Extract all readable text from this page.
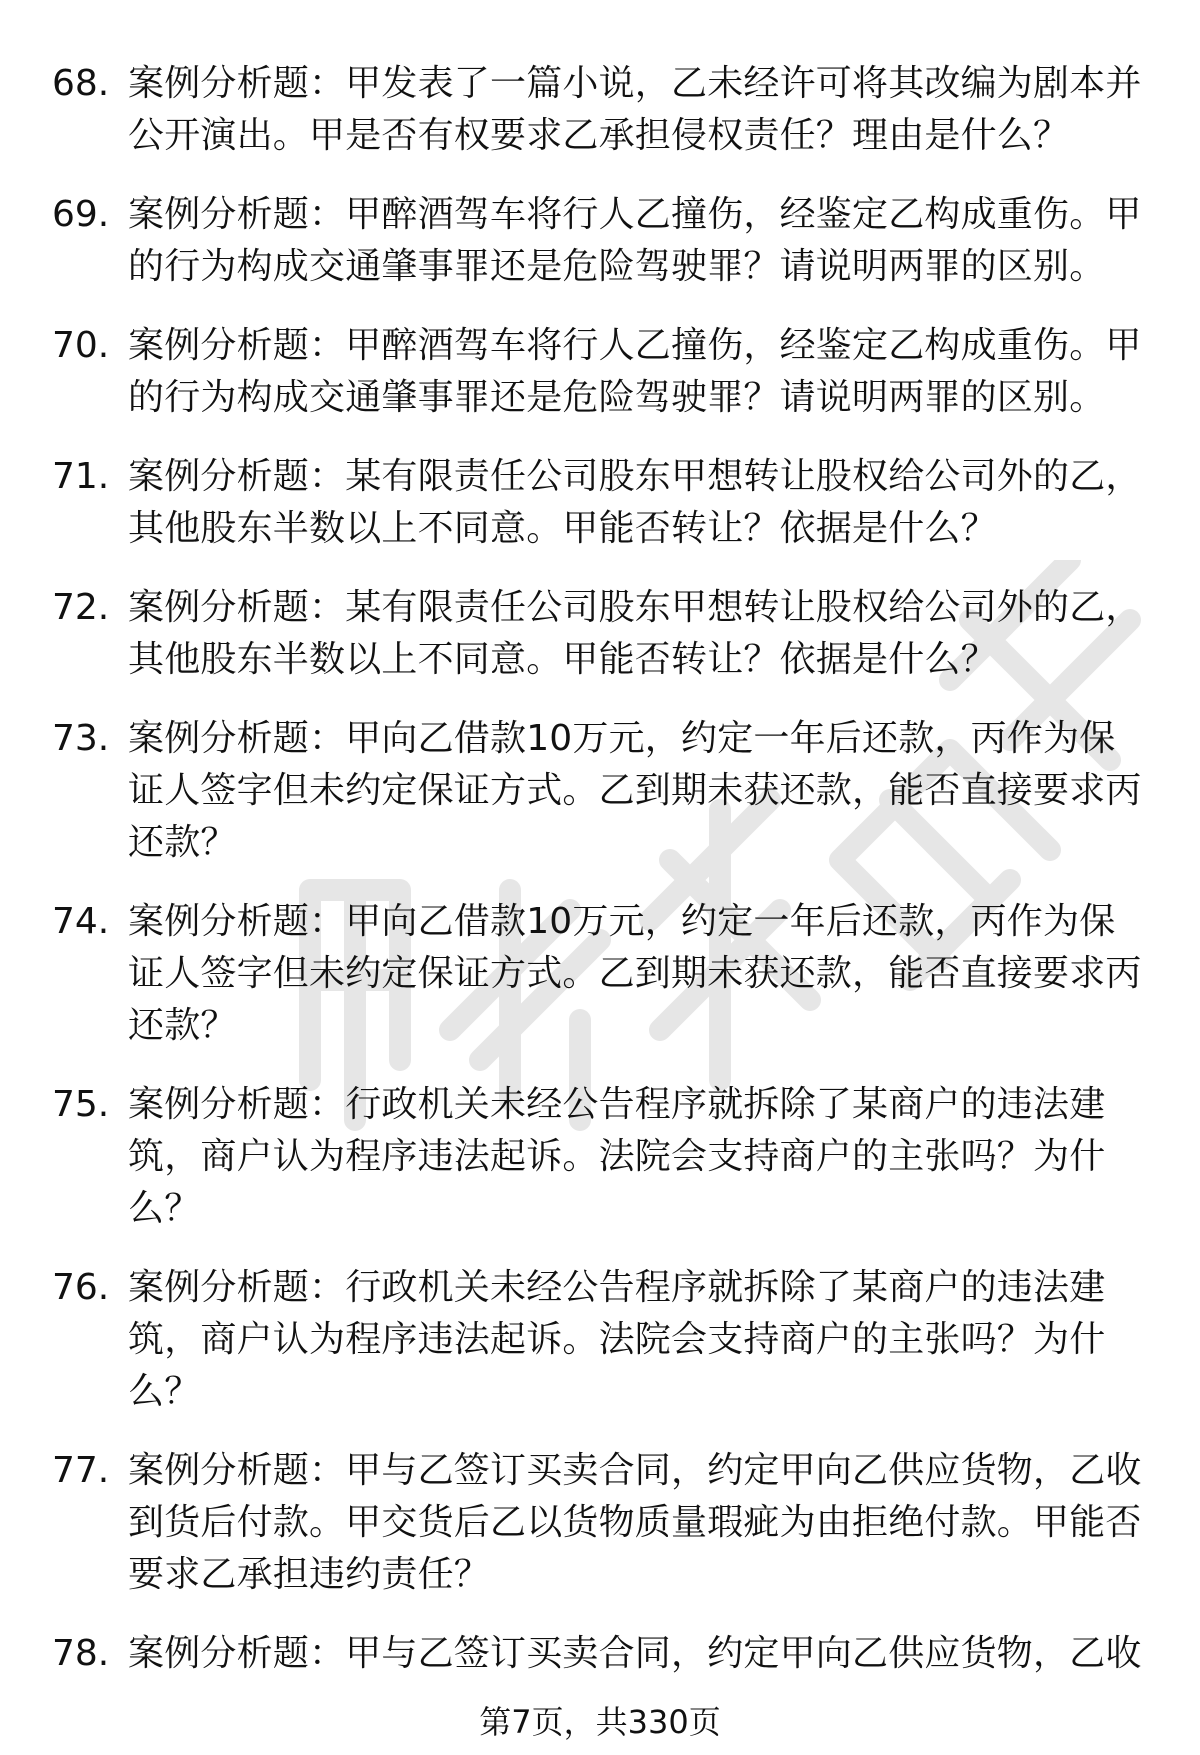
68. 案例分析题：甲发表了一篇小说，乙未经许可将其改编为剧本并公开演出。甲是否有权要求乙承担侵权责任？理由是什么？
69. 案例分析题：甲醉酒驾车将行人乙撞伤，经鉴定乙构成重伤。甲的行为构成交通肇事罪还是危险驾驶罪？请说明两罪的区别。
70. 案例分析题：甲醉酒驾车将行人乙撞伤，经鉴定乙构成重伤。甲的行为构成交通肇事罪还是危险驾驶罪？请说明两罪的区别。
71. 案例分析题：某有限责任公司股东甲想转让股权给公司外的乙，其他股东半数以上不同意。甲能否转让？依据是什么？
72. 案例分析题：某有限责任公司股东甲想转让股权给公司外的乙，其他股东半数以上不同意。甲能否转让？依据是什么？
73. 案例分析题：甲向乙借款10万元，约定一年后还款，丙作为保证人签字但未约定保证方式。乙到期未获还款，能否直接要求丙还款？
74. 案例分析题：甲向乙借款10万元，约定一年后还款，丙作为保证人签字但未约定保证方式。乙到期未获还款，能否直接要求丙还款？
75. 案例分析题：行政机关未经公告程序就拆除了某商户的违法建筑，商户认为程序违法起诉。法院会支持商户的主张吗？为什么？
76. 案例分析题：行政机关未经公告程序就拆除了某商户的违法建筑，商户认为程序违法起诉。法院会支持商户的主张吗？为什么？
77. 案例分析题：甲与乙签订买卖合同，约定甲向乙供应货物，乙收到货后付款。甲交货后乙以货物质量瑕疵为由拒绝付款。甲能否要求乙承担违约责任？
78. 案例分析题：甲与乙签订买卖合同，约定甲向乙供应货物，乙收
第7页，共330页
